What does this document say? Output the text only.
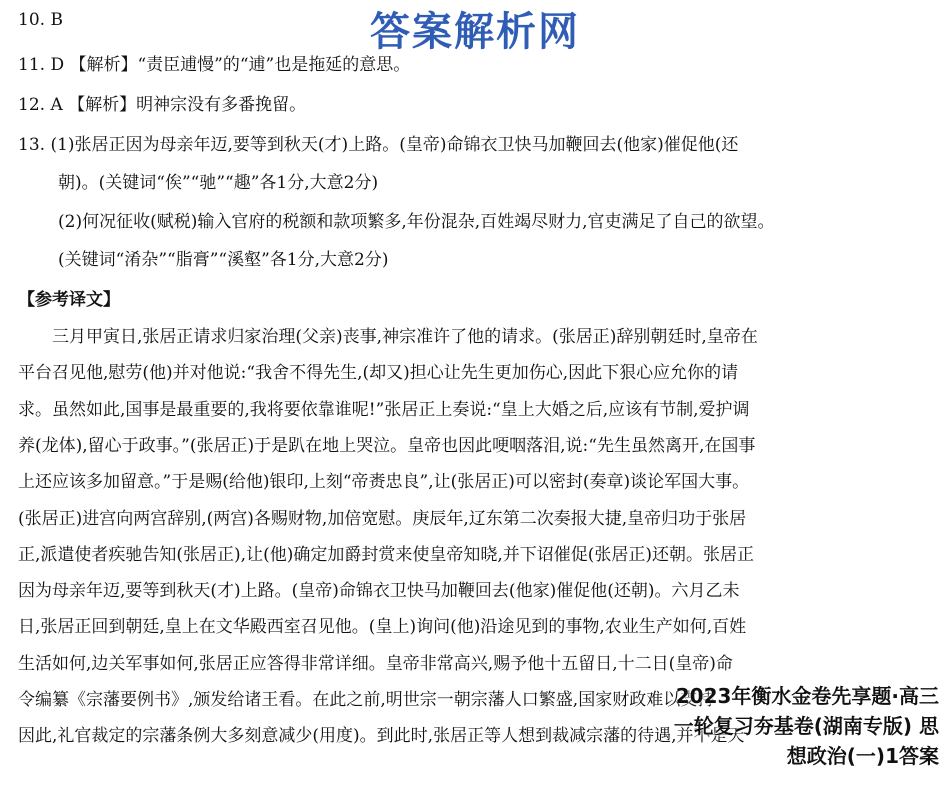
答案解析网
10. B
11. D 【解析】“责臣逋慢”的“逋”也是拖延的意思。
12. A 【解析】明神宗没有多番挽留。
13. (1)张居正因为母亲年迈,要等到秋天(才)上路。(皇帝)命锦衣卫快马加鞭回去(他家)催促他(还
朝)。(关键词“俟”“驰”“趣”各1分,大意2分)
(2)何况征收(赋税)输入官府的税额和款项繁多,年份混杂,百姓竭尽财力,官吏满足了自己的欲望。
(关键词“淆杂”“脂膏”“溪壑”各1分,大意2分)
【参考译文】
　　三月甲寅日,张居正请求归家治理(父亲)丧事,神宗准许了他的请求。(张居正)辞别朝廷时,皇帝在
平台召见他,慰劳(他)并对他说:“我舍不得先生,(却又)担心让先生更加伤心,因此下狠心应允你的请
求。虽然如此,国事是最重要的,我将要依靠谁呢!”张居正上奏说:“皇上大婚之后,应该有节制,爱护调
养(龙体),留心于政事。”(张居正)于是趴在地上哭泣。皇帝也因此哽咽落泪,说:“先生虽然离开,在国事
上还应该多加留意。”于是赐(给他)银印,上刻“帝赉忠良”,让(张居正)可以密封(奏章)谈论军国大事。
(张居正)进宫向两宫辞别,(两宫)各赐财物,加倍宽慰。庚辰年,辽东第二次奏报大捷,皇帝归功于张居
正,派遣使者疾驰告知(张居正),让(他)确定加爵封赏来使皇帝知晓,并下诏催促(张居正)还朝。张居正
因为母亲年迈,要等到秋天(才)上路。(皇帝)命锦衣卫快马加鞭回去(他家)催促他(还朝)。六月乙未
日,张居正回到朝廷,皇上在文华殿西室召见他。(皇上)询问(他)沿途见到的事物,农业生产如何,百姓
生活如何,边关军事如何,张居正应答得非常详细。皇帝非常高兴,赐予他十五留日,十二日(皇帝)命
令编纂《宗藩要例书》,颁发给诸王看。在此之前,明世宗一朝宗藩人口繁盛,国家财政难以支持
因此,礼官裁定的宗藩条例大多刻意减少(用度)。到此时,张居正等人想到裁减宗藩的待遇,并不是天
2023年衡水金卷先享题·高三
一轮复习夯基卷(湖南专版) 思
想政治(一)1答案
